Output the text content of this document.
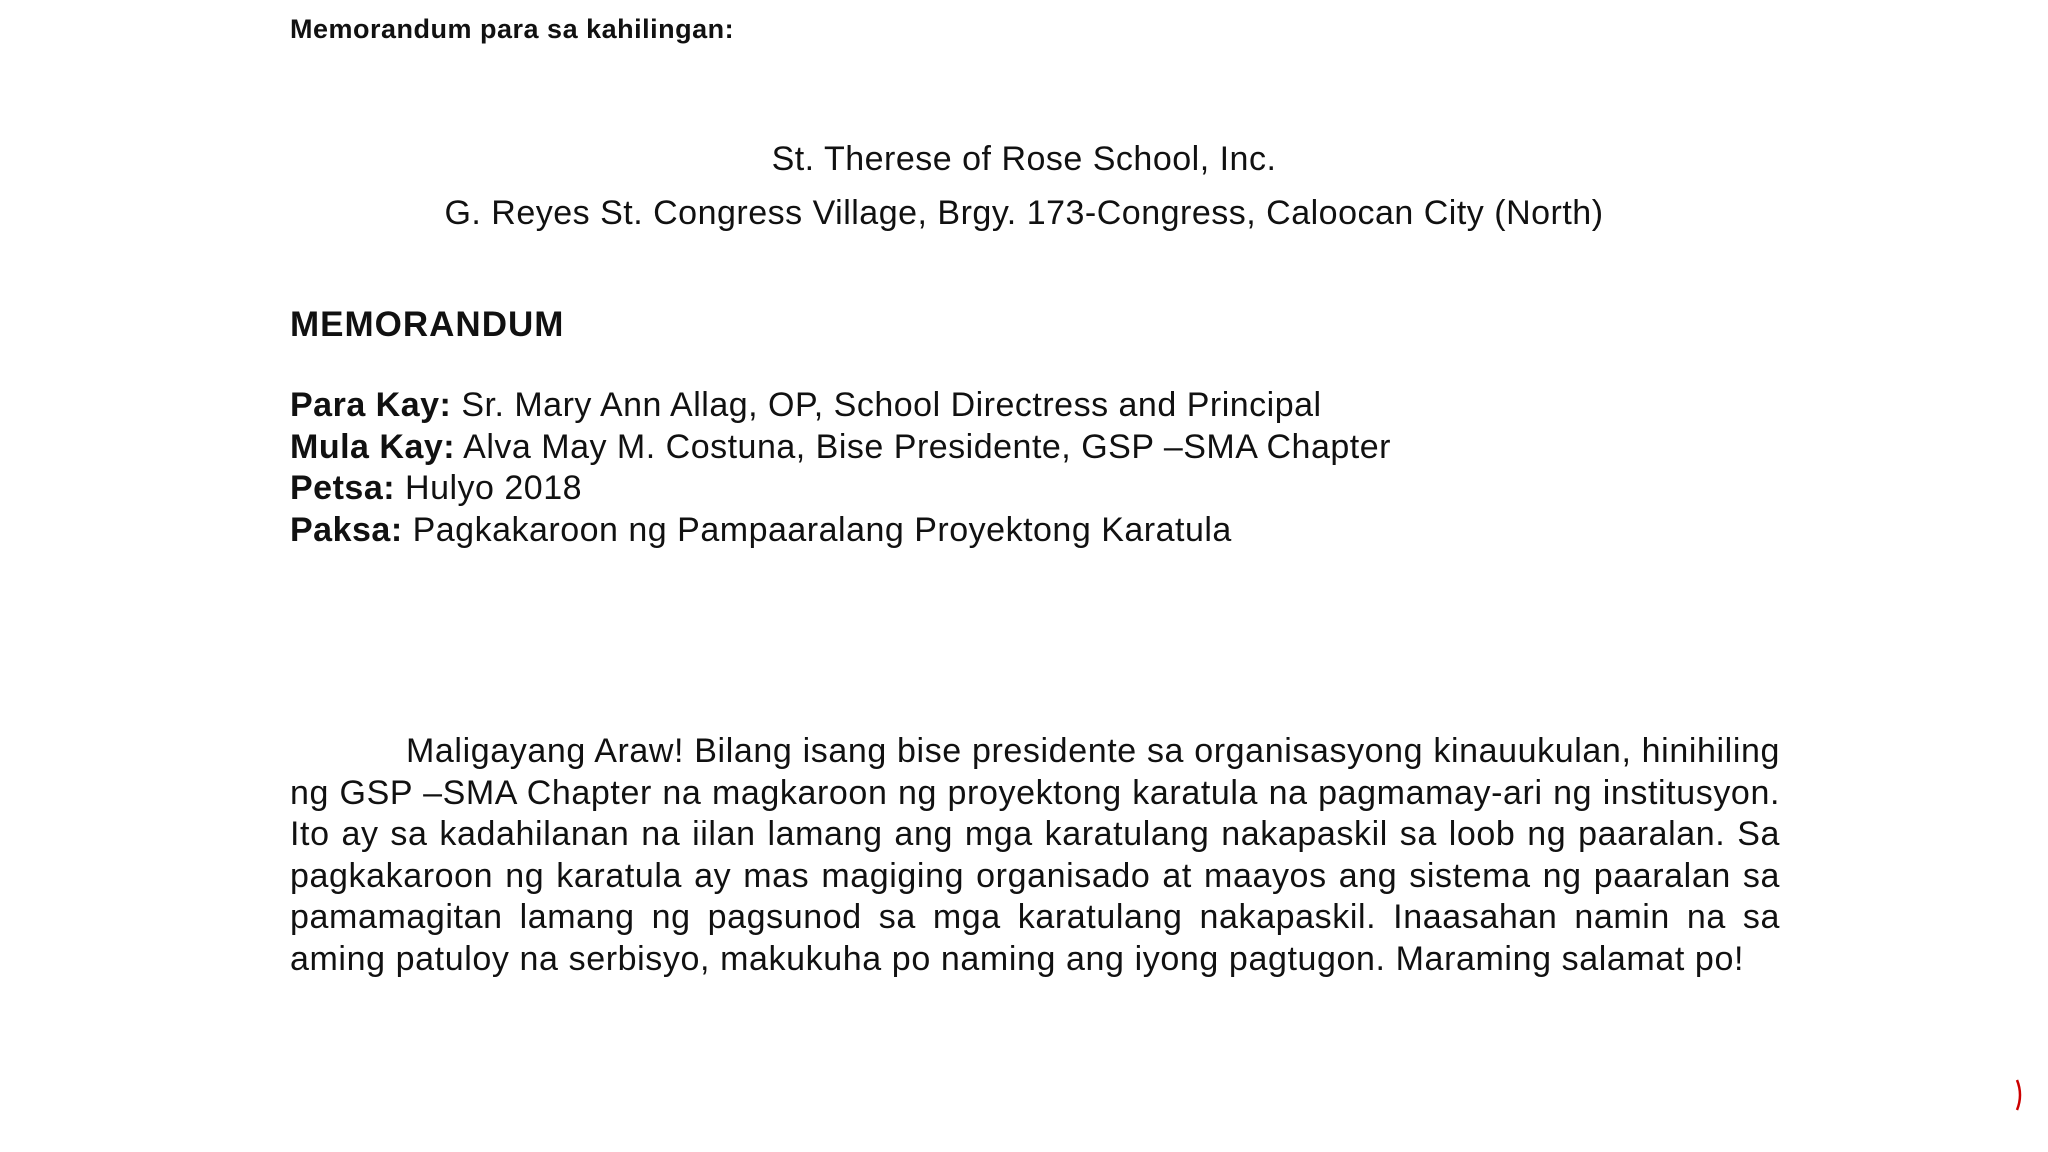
Memorandum para sa kahilingan:
St. Therese of Rose School, Inc.
G. Reyes St. Congress Village, Brgy. 173-Congress, Caloocan City (North)
MEMORANDUM
Para Kay: Sr. Mary Ann Allag, OP, School Directress and Principal
Mula Kay: Alva May M. Costuna, Bise Presidente, GSP –SMA Chapter
Petsa: Hulyo 2018
Paksa: Pagkakaroon ng Pampaaralang Proyektong Karatula

Maligayang Araw! Bilang isang bise presidente sa organisasyong kinauukulan, hinihiling ng GSP –SMA Chapter na magkaroon ng proyektong karatula na pagmamay-ari ng institusyon. Ito ay sa kadahilanan na iilan lamang ang mga karatulang nakapaskil sa loob ng paaralan. Sa pagkakaroon ng karatula ay mas magiging organisado at maayos ang sistema ng paaralan sa pamamagitan lamang ng pagsunod sa mga karatulang nakapaskil. Inaasahan namin na sa aming patuloy na serbisyo, makukuha po naming ang iyong pagtugon. Maraming salamat po!
